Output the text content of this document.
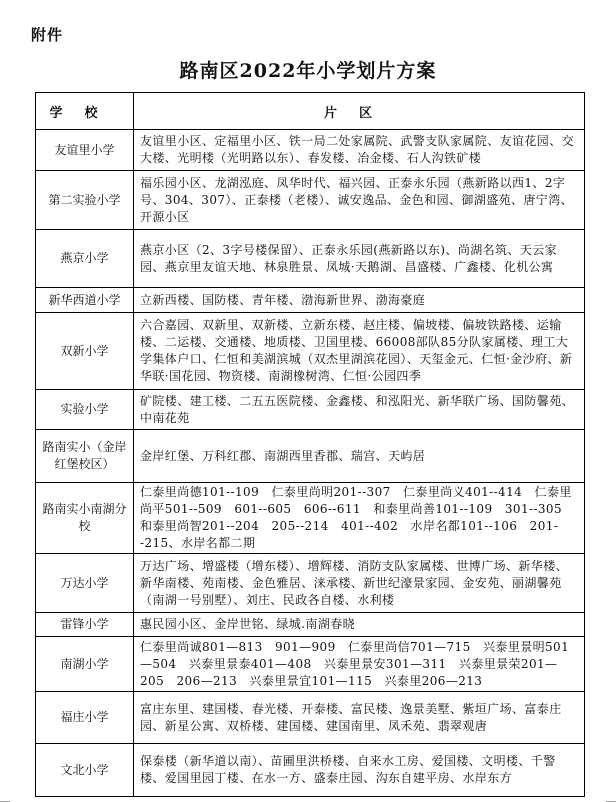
附件
路南区2022年小学划片方案
学校	片区
友谊里小学	友谊里小区、定福里小区、铁一局二处家属院、武警支队家属院、友谊花园、交大楼、光明楼（光明路以东）、春发楼、冶金楼、石人沟铁矿楼
第二实验小学	福乐园小区、龙湖泓庭、凤华时代、福兴园、正泰永乐园（燕新路以西1、2字号、304、307）、正泰楼（老楼）、诚安逸品、金色和园、御湖盛苑、唐宁湾、开源小区
燕京小学	燕京小区（2、3字号楼保留）、正泰永乐园(燕新路以东)、尚湖名筑、天云家园、燕京里友谊天地、林泉胜景、凤城·天鹅湖、昌盛楼、广鑫楼、化机公寓
新华西道小学	立新西楼、国防楼、青年楼、渤海新世界、渤海豪庭
双新小学	六合嘉园、双新里、双新楼、立新东楼、赵庄楼、偏坡楼、偏坡铁路楼、运输楼、二运楼、交通楼、地质楼、卫国里楼、66008部队85分队家属楼、理工大学集体户口、仁恒和美湖滨城（双杰里湖滨花园）、天玺金元、仁恒·金沙府、新华联·国花园、物资楼、南湖橡树湾、仁恒·公园四季
实验小学	矿院楼、建工楼、二五五医院楼、金鑫楼、和泓阳光、新华联广场、国防馨苑、中南花苑
路南实小（金岸红堡校区）	金岸红堡、万科红郡、南湖西里香郡、瑞宫、天屿居
路南实小南湖分校	仁泰里尚德101--109　仁泰里尚明201--307　仁泰里尚义401--414　仁泰里尚平501--509　601--605　606--611　和泰里尚善101--109　301--305　和泰里尚智201--204　205--214　401--402　水岸名都101--106　201--215、水岸名都二期
万达小学	万达广场、增盛楼（增东楼）、增辉楼、消防支队家属楼、世博广场、新华楼、新华南楼、苑南楼、金色雅居、涞承楼、新世纪濠景家园、金安苑、丽湖馨苑（南湖一号别墅）、刘庄、民政各自楼、水利楼
雷锋小学	惠民园小区、金岸世铭、绿城.南湖春晓
南湖小学	仁泰里尚诚801—813　901—909　仁泰里尚信701—715　兴泰里景明501—504　兴泰里景泰401—408　兴泰里景安301—311　兴泰里景荣201—205　206—213　兴泰里景宜101—115　兴泰里206—213
福庄小学	富庄东里、建国楼、春光楼、开泰楼、富民楼、逸景美墅、紫垣广场、富泰庄园、新星公寓、双桥楼、建国楼、建国南里、凤禾苑、翡翠观唐
文北小学	保泰楼（新华道以南）、苗圃里洪桥楼、自来水工房、爱国楼、文明楼、千警楼、爱国里园丁楼、在水一方、盛泰庄园、沟东自建平房、水岸东方
